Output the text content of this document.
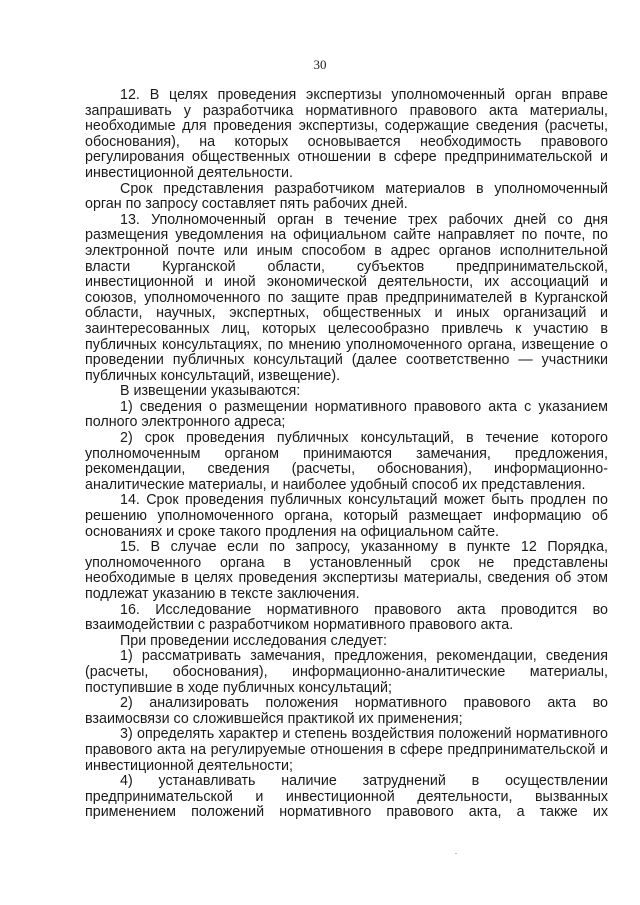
30

12. В целях проведения экспертизы уполномоченный орган вправе запрашивать у разработчика нормативного правового акта материалы, необходимые для проведения экспертизы, содержащие сведения (расчеты, обоснования), на которых основывается необходимость правового регулирования общественных отношении в сфере предпринимательской и инвестиционной деятельности.

Срок представления разработчиком материалов в уполномоченный орган по запросу составляет пять рабочих дней.

13. Уполномоченный орган в течение трех рабочих дней со дня размещения уведомления на официальном сайте направляет по почте, по электронной почте или иным способом в адрес органов исполнительной власти Курганской области, субъектов предпринимательской, инвестиционной и иной экономической деятельности, их ассоциаций и союзов, уполномоченного по защите прав предпринимателей в Курганской области, научных, экспертных, общественных и иных организаций и заинтересованных лиц, которых целесообразно привлечь к участию в публичных консультациях, по мнению уполномоченного органа, извещение о проведении публичных консультаций (далее соответственно — участники публичных консультаций, извещение).

В извещении указываются:

1) сведения о размещении нормативного правового акта с указанием полного электронного адреса;

2) срок проведения публичных консультаций, в течение которого уполномоченным органом принимаются замечания, предложения, рекомендации, сведения (расчеты, обоснования), информационно-аналитические материалы, и наиболее удобный способ их представления.

14. Срок проведения публичных консультаций может быть продлен по решению уполномоченного органа, который размещает информацию об основаниях и сроке такого продления на официальном сайте.

15. В случае если по запросу, указанному в пункте 12 Порядка, уполномоченного органа в установленный срок не представлены необходимые в целях проведения экспертизы материалы, сведения об этом подлежат указанию в тексте заключения.

16. Исследование нормативного правового акта проводится во взаимодействии с разработчиком нормативного правового акта.

При проведении исследования следует:

1) рассматривать замечания, предложения, рекомендации, сведения (расчеты, обоснования), информационно-аналитические материалы, поступившие в ходе публичных консультаций;

2) анализировать положения нормативного правового акта во взаимосвязи со сложившейся практикой их применения;

3) определять характер и степень воздействия положений нормативного правового акта на регулируемые отношения в сфере предпринимательской и инвестиционной деятельности;

4) устанавливать наличие затруднений в осуществлении предпринимательской и инвестиционной деятельности, вызванных применением положений нормативного правового акта, а также их
